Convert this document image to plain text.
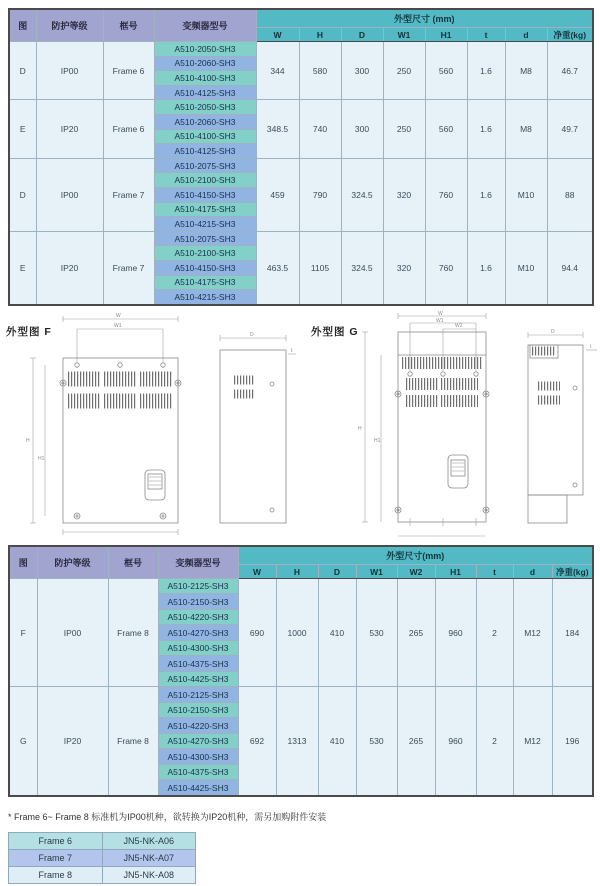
图	防护等级	框号	变频器型号	外型尺寸 (mm)							
				W	H	D	W1	H1	t	d	净重(kg)
D	IP00	Frame 6	A510-2050-SH3	344	580	300	250	560	1.6	M8	46.7
			A510-2060-SH3								
			A510-4100-SH3								
			A510-4125-SH3								
E	IP20	Frame 6	A510-2050-SH3	348.5	740	300	250	560	1.6	M8	49.7
			A510-2060-SH3								
			A510-4100-SH3								
			A510-4125-SH3								
D	IP00	Frame 7	A510-2075-SH3	459	790	324.5	320	760	1.6	M10	88
			A510-2100-SH3								
			A510-4150-SH3								
			A510-4175-SH3								
			A510-4215-SH3								
E	IP20	Frame 7	A510-2075-SH3	463.5	1105	324.5	320	760	1.6	M10	94.4
			A510-2100-SH3								
			A510-4150-SH3								
			A510-4175-SH3								
			A510-4215-SH3								
外型图 F	外型图 G
W
W1
H
H1
D
t
W
W1
W2
H
H1
D
t
图	防护等级	框号	变频器型号	外型尺寸(mm)								
				W	H	D	W1	W2	H1	t	d	净重(kg)
F	IP00	Frame 8	A510-2125-SH3	690	1000	410	530	265	960	2	M12	184
			A510-2150-SH3									
			A510-4220-SH3									
			A510-4270-SH3									
			A510-4300-SH3									
			A510-4375-SH3									
			A510-4425-SH3									
G	IP20	Frame 8	A510-2125-SH3	692	1313	410	530	265	960	2	M12	196
			A510-2150-SH3									
			A510-4220-SH3									
			A510-4270-SH3									
			A510-4300-SH3									
			A510-4375-SH3									
			A510-4425-SH3									
* Frame 6~ Frame 8 标准机为IP00机种，欲转换为IP20机种，需另加购附件安装
Frame 6	JN5-NK-A06
Frame 7	JN5-NK-A07
Frame 8	JN5-NK-A08
